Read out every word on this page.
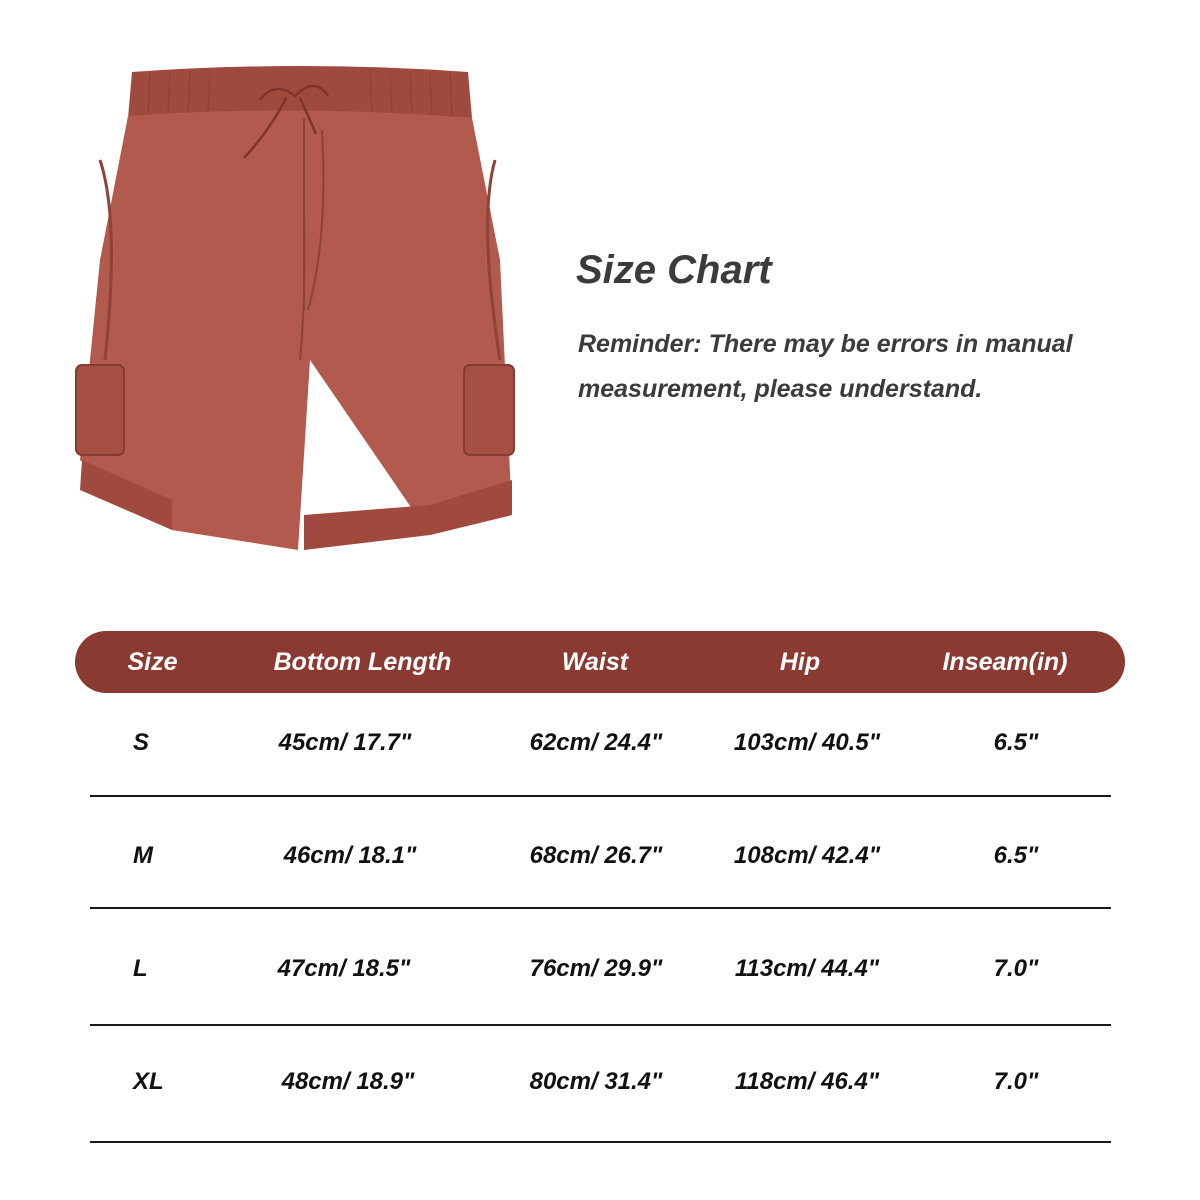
Size Chart
Reminder: There may be errors in manual measurement, please understand.
Size	Bottom Length	Waist	Hip	Inseam(in)
S	45cm/ 17.7"	62cm/ 24.4"	103cm/ 40.5"	6.5"
M	46cm/ 18.1"	68cm/ 26.7"	108cm/ 42.4"	6.5"
L	47cm/ 18.5"	76cm/ 29.9"	113cm/ 44.4"	7.0"
XL	48cm/ 18.9"	80cm/ 31.4"	118cm/ 46.4"	7.0"
